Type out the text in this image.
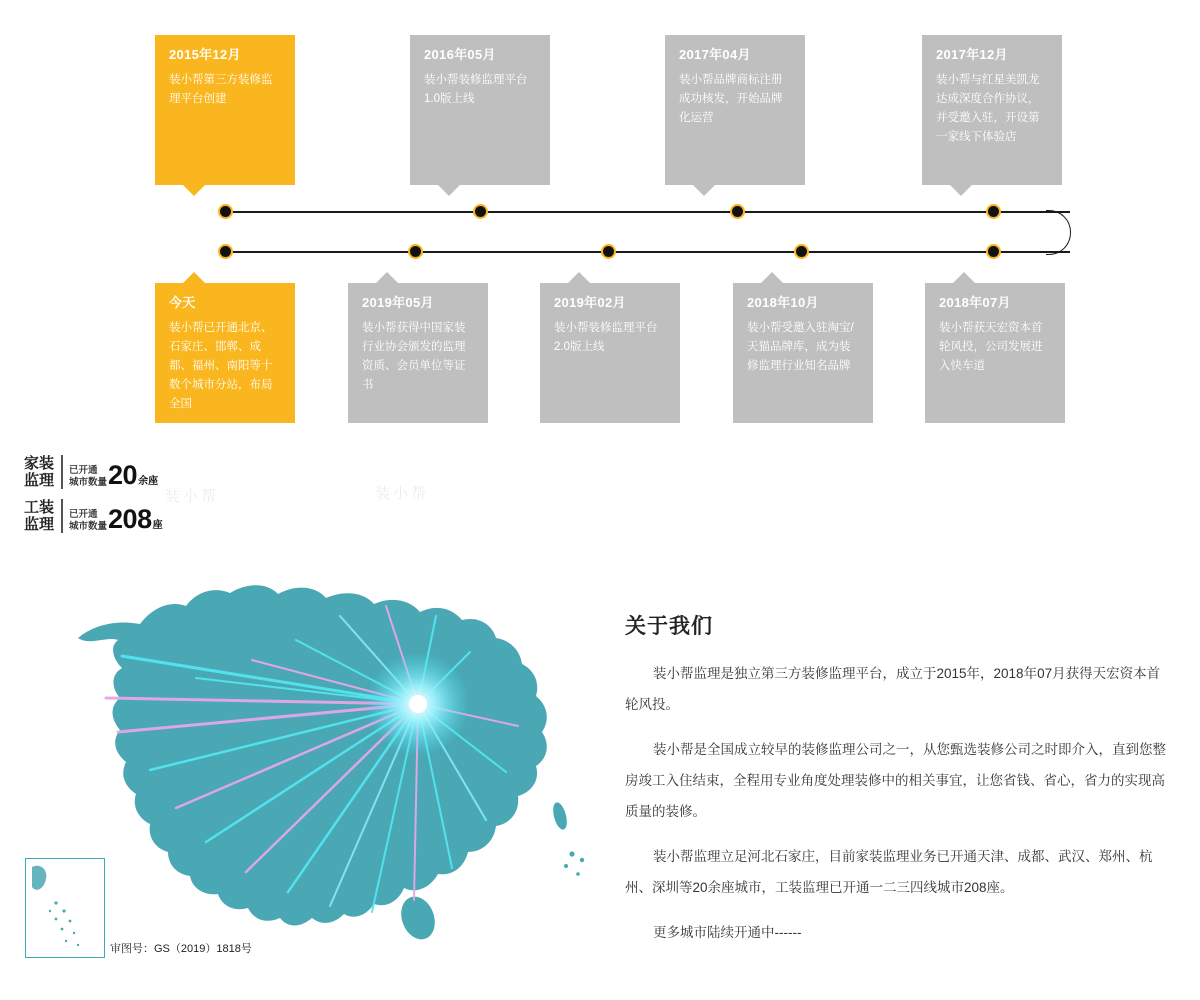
2015年12月
装小帮第三方装修监理平台创建
2016年05月
装小帮装修监理平台1.0版上线
2017年04月
装小帮品牌商标注册成功核发，开始品牌化运营
2017年12月
装小帮与红星美凯龙达成深度合作协议，并受邀入驻，开设第一家线下体验店
今天
装小帮已开通北京、石家庄、邯郸、成都、福州、南阳等十数个城市分站，布局全国
2019年05月
装小帮获得中国家装行业协会颁发的监理资质、会员单位等证书
2019年02月
装小帮装修监理平台2.0版上线
2018年10月
装小帮受邀入驻淘宝/天猫品牌库，成为装修监理行业知名品牌
2018年07月
装小帮获天宏资本首轮风投，公司发展进入快车道
家装
监理
已开通
城市数量 20 余座
工装
监理
已开通
城市数量 208 座
装小帮	装小帮
审图号：GS（2019）1818号
关于我们

装小帮监理是独立第三方装修监理平台，成立于2015年，2018年07月获得天宏资本首轮风投。

装小帮是全国成立较早的装修监理公司之一，从您甄选装修公司之时即介入，直到您整房竣工入住结束，全程用专业角度处理装修中的相关事宜，让您省钱、省心，省力的实现高质量的装修。

装小帮监理立足河北石家庄，目前家装监理业务已开通天津、成都、武汉、郑州、杭州、深圳等20余座城市，工装监理已开通一二三四线城市208座。

更多城市陆续开通中------
